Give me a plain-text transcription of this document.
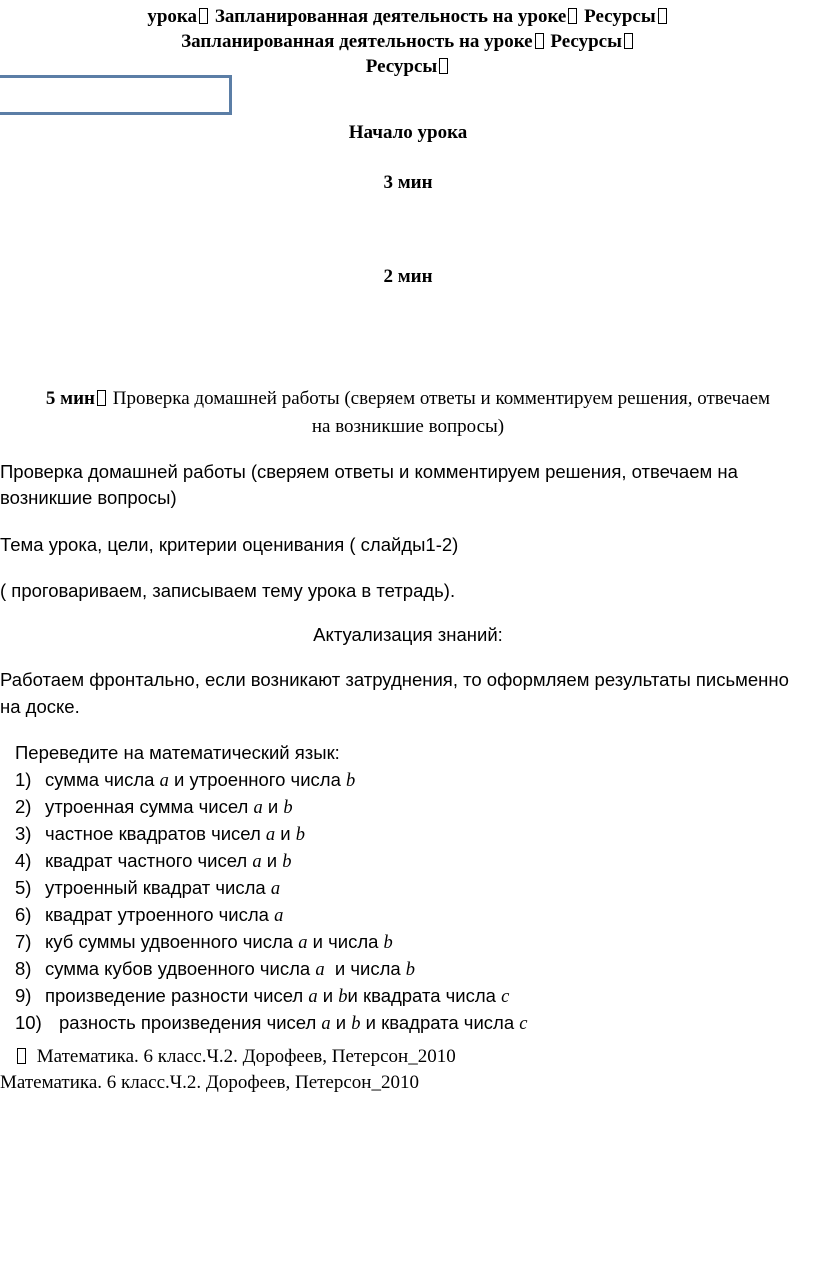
урока Запланированная деятельность на уроке Ресурсы
Запланированная деятельность на уроке Ресурсы
Ресурсы
Начало урока
3 мин
2 мин
5 мин Проверка домашней работы (сверяем ответы и комментируем решения, отвечаем
на возникшие вопросы)
Проверка домашней работы (сверяем ответы и комментируем решения, отвечаем на
возникшие вопросы)
Тема урока, цели, критерии оценивания ( слайды1-2)
( проговариваем, записываем тему урока в тетрадь).
Актуализация знаний:
Работаем фронтально, если возникают затруднения, то оформляем результаты письменно
на доске.
Переведите на математический язык:
1) сумма числа a и утроенного числа b
2) утроенная сумма чисел a и b
3) частное квадратов чисел a и b
4) квадрат частного чисел a и b
5) утроенный квадрат числа a
6) квадрат утроенного числа a
7) куб суммы удвоенного числа a и числа b
8) сумма кубов удвоенного числа a  и числа b
9) произведение разности чисел a и bи квадрата числа c
10) разность произведения чисел a и b и квадрата числа c
Математика. 6 класс.Ч.2. Дорофеев, Петерсон_2010
Математика. 6 класс.Ч.2. Дорофеев, Петерсон_2010
